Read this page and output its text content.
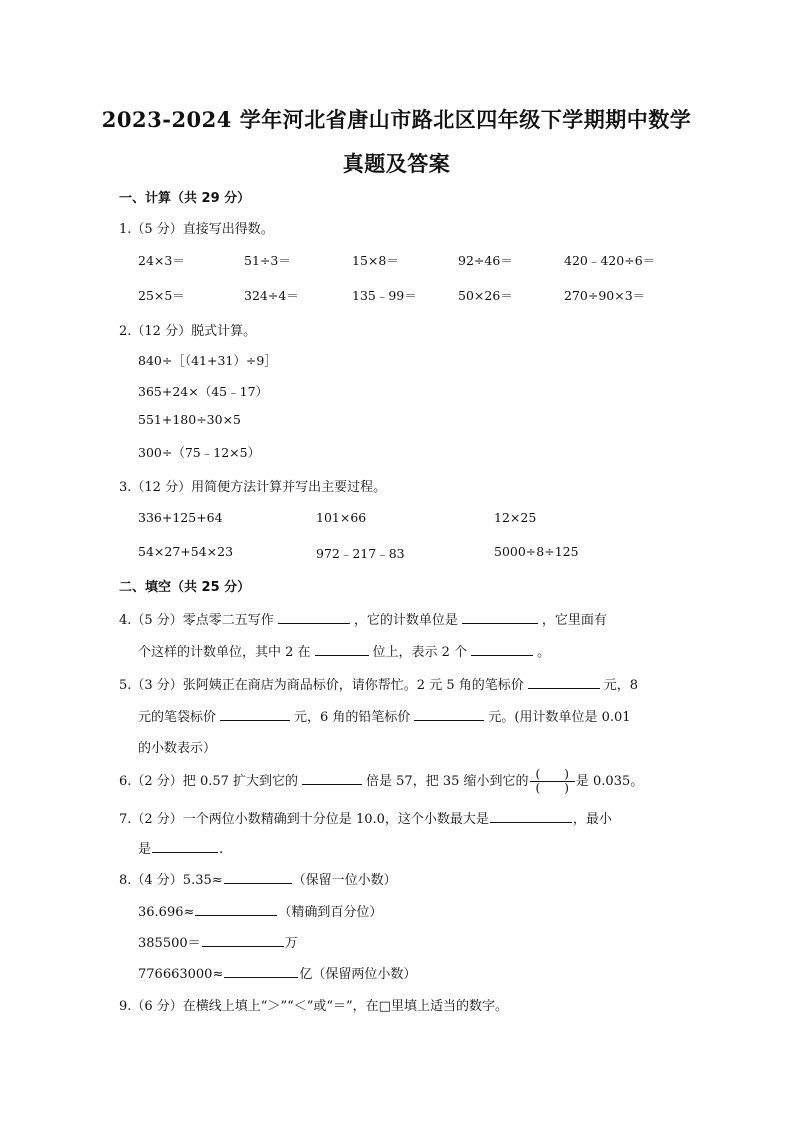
2023-2024 学年河北省唐山市路北区四年级下学期期中数学
真题及答案
一、计算（共 29 分）
1.（5 分）直接写出得数。
24×3＝	51÷3＝	15×8＝	92÷46＝	420﹣420÷6＝
25×5＝	324÷4＝	135﹣99＝	50×26＝	270÷90×3＝
2.（12 分）脱式计算。
840÷［（41+31）÷9］
365+24×（45﹣17）
551+180÷30×5
300÷（75﹣12×5）
3.（12 分）用简便方法计算并写出主要过程。
336+125+64	101×66	12×25
54×27+54×23	972﹣217﹣83	5000÷8÷125
二、填空（共 25 分）
4.（5 分）零点零二五写作	，它的计数单位是	，它里面有
个这样的计数单位，其中 2 在	位上，表示 2 个	。
5.（3 分）张阿姨正在商店为商品标价，请你帮忙。2 元 5 角的笔标价	元，8
元的笔袋标价	元，6 角的铅笔标价	元。(用计数单位是 0.01
的小数表示）
6.（2 分）把 0.57 扩大到它的	倍是 57，把 35 缩小到它的 $\frac{( )}{( )}$ 是 0.035。
7.（2 分）一个两位小数精确到十分位是 10.0，这个小数最大是	，最小
是	.
8.（4 分）5.35≈	（保留一位小数）
36.696≈	（精确到百分位）
385500＝	万
776663000≈	亿（保留两位小数）
9.（6 分）在横线上填上“＞”“＜”或“＝”，在□里填上适当的数字。
